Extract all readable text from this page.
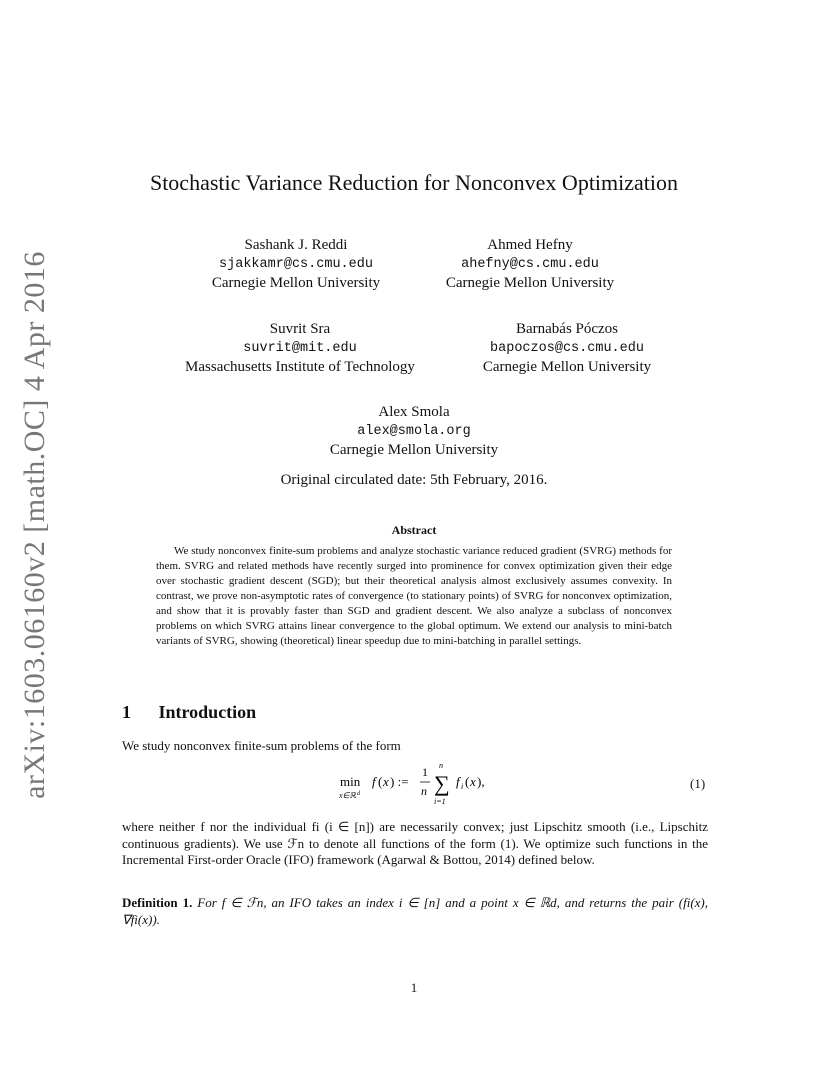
arXiv:1603.06160v2 [math.OC] 4 Apr 2016
Stochastic Variance Reduction for Nonconvex Optimization
Sashank J. Reddi
sjakkamr@cs.cmu.edu
Carnegie Mellon University
Ahmed Hefny
ahefny@cs.cmu.edu
Carnegie Mellon University
Suvrit Sra
suvrit@mit.edu
Massachusetts Institute of Technology
Barnabás Póczos
bapoczos@cs.cmu.edu
Carnegie Mellon University
Alex Smola
alex@smola.org
Carnegie Mellon University
Original circulated date: 5th February, 2016.
Abstract
We study nonconvex finite-sum problems and analyze stochastic variance reduced gradient (SVRG) methods for them. SVRG and related methods have recently surged into prominence for convex optimization given their edge over stochastic gradient descent (SGD); but their theoretical analysis almost exclusively assumes convexity. In contrast, we prove non-asymptotic rates of convergence (to stationary points) of SVRG for nonconvex optimization, and show that it is provably faster than SGD and gradient descent. We also analyze a subclass of nonconvex problems on which SVRG attains linear convergence to the global optimum. We extend our analysis to mini-batch variants of SVRG, showing (theoretical) linear speedup due to mini-batching in parallel settings.
1 Introduction
We study nonconvex finite-sum problems of the form
min
x∈ℝ d
f ( x ) :=
1
n
n
∑
i=1
f i ( x ),	(1)
where neither f nor the individual fi (i ∈ [n]) are necessarily convex; just Lipschitz smooth (i.e., Lipschitz continuous gradients). We use ℱn to denote all functions of the form (1). We optimize such functions in the Incremental First-order Oracle (IFO) framework (Agarwal & Bottou, 2014) defined below.
Definition 1. For f ∈ ℱn, an IFO takes an index i ∈ [n] and a point x ∈ ℝd, and returns the pair (fi(x), ∇fi(x)).
1
